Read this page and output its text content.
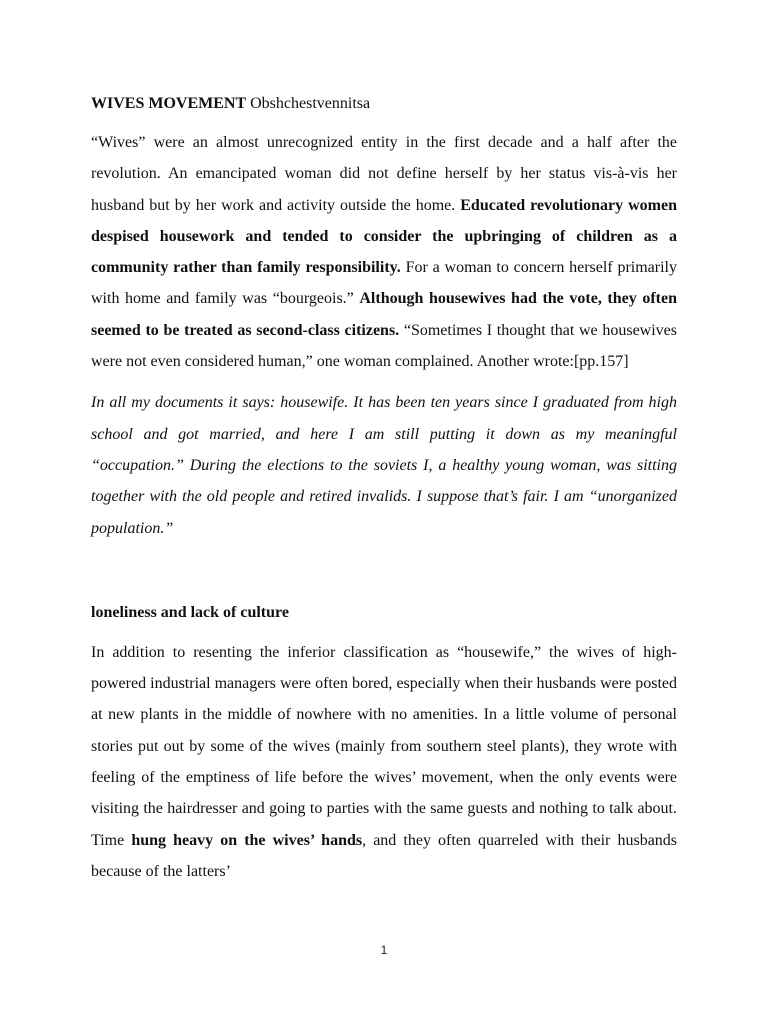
WIVES MOVEMENT Obshchestvennitsa

“Wives” were an almost unrecognized entity in the first decade and a half after the revolution. An emancipated woman did not define herself by her status vis-à-vis her husband but by her work and activity outside the home. Educated revolutionary women despised housework and tended to consider the upbringing of children as a community rather than family responsibility. For a woman to concern herself primarily with home and family was “bourgeois.” Although housewives had the vote, they often seemed to be treated as second-class citizens. “Sometimes I thought that we housewives were not even considered human,” one woman complained. Another wrote:[pp.157]

In all my documents it says: housewife. It has been ten years since I graduated from high school and got married, and here I am still putting it down as my meaningful “occupation.” During the elections to the soviets I, a healthy young woman, was sitting together with the old people and retired invalids. I suppose that’s fair. I am “unorganized population.”

loneliness and lack of culture

In addition to resenting the inferior classification as “housewife,” the wives of high-powered industrial managers were often bored, especially when their husbands were posted at new plants in the middle of nowhere with no amenities. In a little volume of personal stories put out by some of the wives (mainly from southern steel plants), they wrote with feeling of the emptiness of life before the wives’ movement, when the only events were visiting the hairdresser and going to parties with the same guests and nothing to talk about. Time hung heavy on the wives’ hands, and they often quarreled with their husbands because of the latters’

1
